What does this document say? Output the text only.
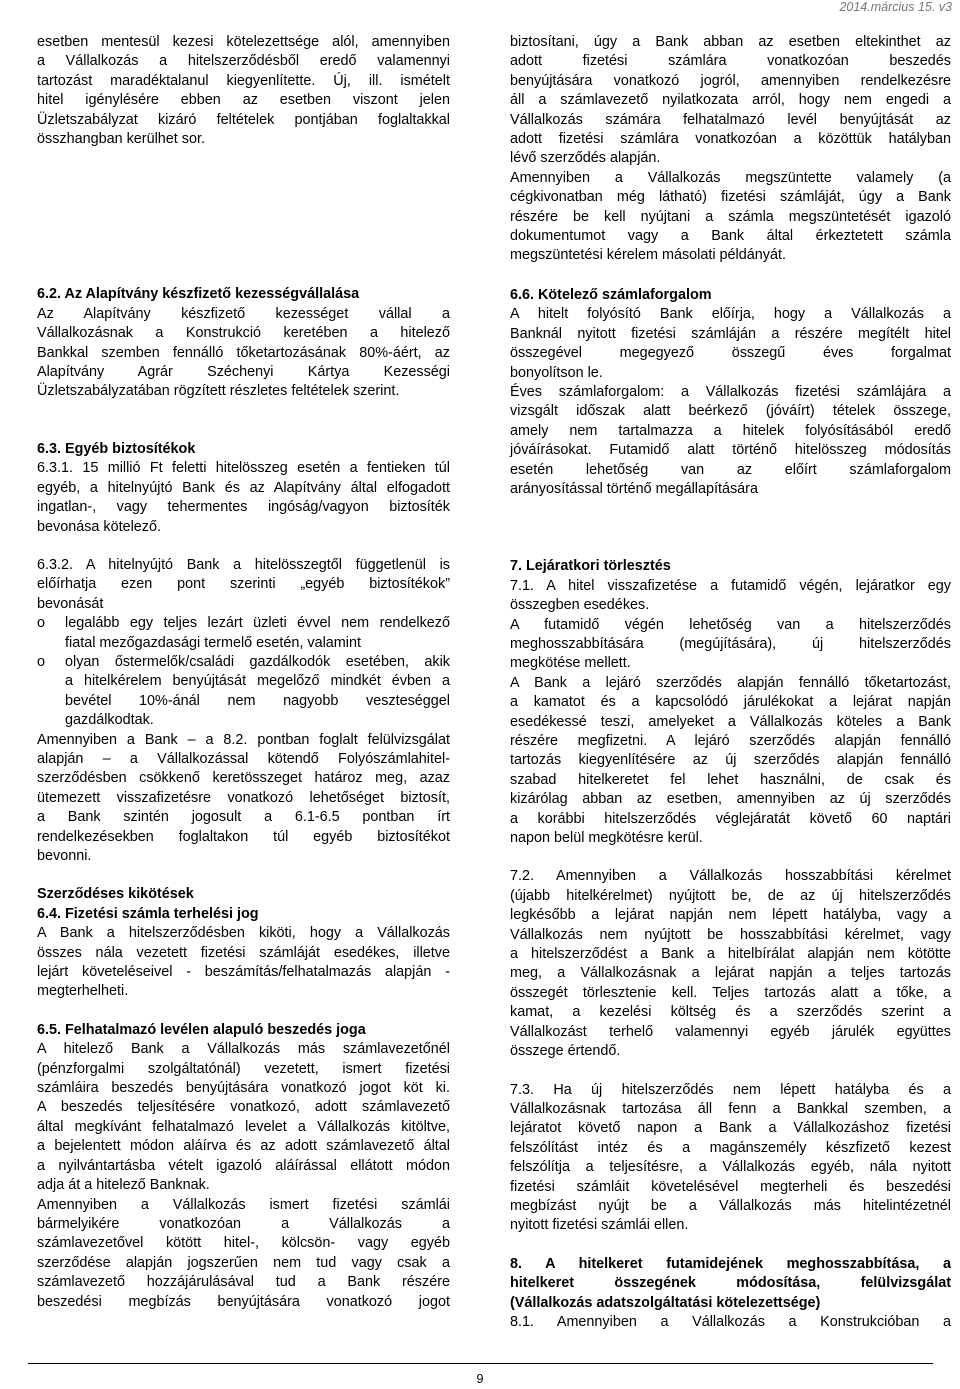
2014.március 15. v3

esetben mentesül kezesi kötelezettsége alól, amennyiben

a Vállalkozás a hitelszerződésből eredő valamennyi

tartozást maradéktalanul kiegyenlítette. Új, ill. ismételt

hitel igénylésére ebben az esetben viszont jelen

Üzletszabályzat kizáró feltételek pontjában foglaltakkal

összhangban kerülhet sor.

6.2. Az Alapítvány készfizető kezességvállalása

Az Alapítvány készfizető kezességet vállal a

Vállalkozásnak a Konstrukció keretében a hitelező

Bankkal szemben fennálló tőketartozásának 80%-áért, az

Alapítvány Agrár Széchenyi Kártya Kezességi

Üzletszabályzatában rögzített részletes feltételek szerint.

6.3. Egyéb biztosítékok

6.3.1. 15 millió Ft feletti hitelösszeg esetén a fentieken túl

egyéb, a hitelnyújtó Bank és az Alapítvány által elfogadott

ingatlan-, vagy tehermentes ingóság/vagyon biztosíték

bevonása kötelező.

6.3.2. A hitelnyújtó Bank a hitelösszegtől függetlenül is

előírhatja ezen pont szerinti „egyéb biztosítékok”

bevonását

o legalább egy teljes lezárt üzleti évvel nem rendelkező

fiatal mezőgazdasági termelő esetén, valamint

o olyan őstermelők/családi gazdálkodók esetében, akik

a hitelkérelem benyújtását megelőző mindkét évben a

bevétel 10%-ánál nem nagyobb veszteséggel

gazdálkodtak.

Amennyiben a Bank – a 8.2. pontban foglalt felülvizsgálat

alapján – a Vállalkozással kötendő Folyószámlahitel-

szerződésben csökkenő keretösszeget határoz meg, azaz

ütemezett visszafizetésre vonatkozó lehetőséget biztosít,

a Bank szintén jogosult a 6.1-6.5 pontban írt

rendelkezésekben foglaltakon túl egyéb biztosítékot

bevonni.

Szerződéses kikötések

6.4. Fizetési számla terhelési jog

A Bank a hitelszerződésben kiköti, hogy a Vállalkozás

összes nála vezetett fizetési számláját esedékes, illetve

lejárt követeléseivel - beszámítás/felhatalmazás alapján -

megterhelheti.

6.5. Felhatalmazó levélen alapuló beszedés joga

A hitelező Bank a Vállalkozás más számlavezetőnél

(pénzforgalmi szolgáltatónál) vezetett, ismert fizetési

számláira beszedés benyújtására vonatkozó jogot köt ki.

A beszedés teljesítésére vonatkozó, adott számlavezető

által megkívánt felhatalmazó levelet a Vállalkozás kitöltve,

a bejelentett módon aláírva és az adott számlavezető által

a nyilvántartásba vételt igazoló aláírással ellátott módon

adja át a hitelező Banknak.

Amennyiben a Vállalkozás ismert fizetési számlái

bármelyikére vonatkozóan a Vállalkozás a

számlavezetővel kötött hitel-, kölcsön- vagy egyéb

szerződése alapján jogszerűen nem tud vagy csak a

számlavezető hozzájárulásával tud a Bank részére

beszedési megbízás benyújtására vonatkozó jogot

biztosítani, úgy a Bank abban az esetben eltekinthet az

adott fizetési számlára vonatkozóan beszedés

benyújtására vonatkozó jogról, amennyiben rendelkezésre

áll a számlavezető nyilatkozata arról, hogy nem engedi a

Vállalkozás számára felhatalmazó levél benyújtását az

adott fizetési számlára vonatkozóan a közöttük hatályban

lévő szerződés alapján.

Amennyiben a Vállalkozás megszüntette valamely (a

cégkivonatban még látható) fizetési számláját, úgy a Bank

részére be kell nyújtani a számla megszüntetését igazoló

dokumentumot vagy a Bank által érkeztetett számla

megszüntetési kérelem másolati példányát.

6.6. Kötelező számlaforgalom

A hitelt folyósító Bank előírja, hogy a Vállalkozás a

Banknál nyitott fizetési számláján a részére megítélt hitel

összegével megegyező összegű éves forgalmat

bonyolítson le.

Éves számlaforgalom: a Vállalkozás fizetési számlájára a

vizsgált időszak alatt beérkező (jóváírt) tételek összege,

amely nem tartalmazza a hitelek folyósításából eredő

jóváírásokat. Futamidő alatt történő hitelösszeg módosítás

esetén lehetőség van az előírt számlaforgalom

arányosítással történő megállapítására

7. Lejáratkori törlesztés

7.1. A hitel visszafizetése a futamidő végén, lejáratkor egy

összegben esedékes.

A futamidő végén lehetőség van a hitelszerződés

meghosszabbítására (megújítására), új hitelszerződés

megkötése mellett.

A Bank a lejáró szerződés alapján fennálló tőketartozást,

a kamatot és a kapcsolódó járulékokat a lejárat napján

esedékessé teszi, amelyeket a Vállalkozás köteles a Bank

részére megfizetni. A lejáró szerződés alapján fennálló

tartozás kiegyenlítésére az új szerződés alapján fennálló

szabad hitelkeretet fel lehet használni, de csak és

kizárólag abban az esetben, amennyiben az új szerződés

a korábbi hitelszerződés véglejáratát követő 60 naptári

napon belül megkötésre kerül.

7.2. Amennyiben a Vállalkozás hosszabbítási kérelmet

(újabb hitelkérelmet) nyújtott be, de az új hitelszerződés

legkésőbb a lejárat napján nem lépett hatályba, vagy a

Vállalkozás nem nyújtott be hosszabbítási kérelmet, vagy

a hitelszerződést a Bank a hitelbírálat alapján nem kötötte

meg, a Vállalkozásnak a lejárat napján a teljes tartozás

összegét törlesztenie kell. Teljes tartozás alatt a tőke, a

kamat, a kezelési költség és a szerződés szerint a

Vállalkozást terhelő valamennyi egyéb járulék együttes

összege értendő.

7.3. Ha új hitelszerződés nem lépett hatályba és a

Vállalkozásnak tartozása áll fenn a Bankkal szemben, a

lejáratot követő napon a Bank a Vállalkozáshoz fizetési

felszólítást intéz és a magánszemély készfizető kezest

felszólítja a teljesítésre, a Vállalkozás egyéb, nála nyitott

fizetési számláit követelésével megterheli és beszedési

megbízást nyújt be a Vállalkozás más hitelintézetnél

nyitott fizetési számlái ellen.

8. A hitelkeret futamidejének meghosszabbítása, a

hitelkeret összegének módosítása, felülvizsgálat

(Vállalkozás adatszolgáltatási kötelezettsége)

8.1. Amennyiben a Vállalkozás a Konstrukcióban a

9
